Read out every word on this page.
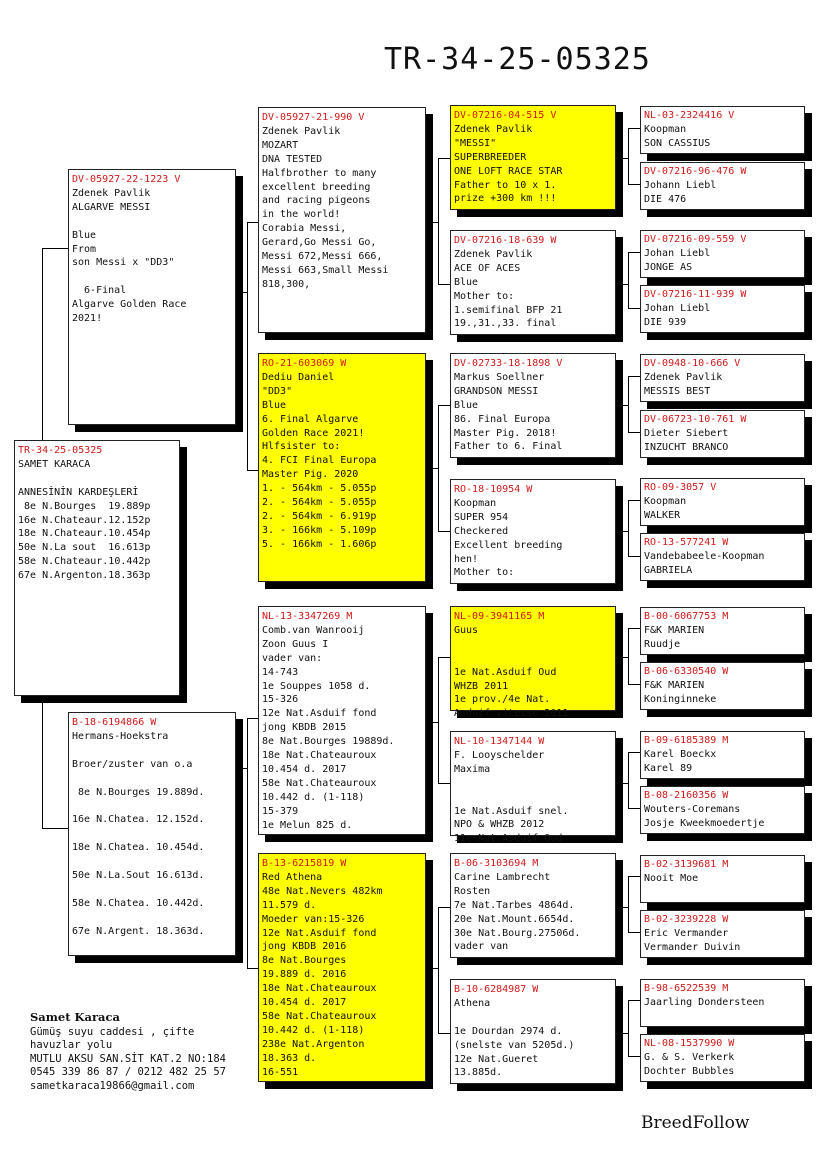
TR-34-25-05325
TR-34-25-05325
SAMET KARACA

ANNESİNİN KARDEŞLERİ
8e N.Bourges  19.889p
16e N.Chateaur.12.152p
18e N.Chateaur.10.454p
50e N.La sout  16.613p
58e N.Chateaur.10.442p
67e N.Argenton.18.363p
DV-05927-22-1223 V
Zdenek Pavlik
ALGARVE MESSI

Blue
From
son Messi x "DD3"

6-Final
Algarve Golden Race
2021!
B-18-6194866 W
Hermans-Hoekstra

Broer/zuster van o.a

8e N.Bourges 19.889d.

16e N.Chatea. 12.152d.

18e N.Chatea. 10.454d.

50e N.La.Sout 16.613d.

58e N.Chatea. 10.442d.

67e N.Argent. 18.363d.
DV-05927-21-990 V
Zdenek Pavlik
MOZART
DNA TESTED
Halfbrother to many
excellent breeding
and racing pigeons
in the world!
Corabia Messi,
Gerard,Go Messi Go,
Messi 672,Messi 666,
Messi 663,Small Messi
818,300,
RO-21-603069 W
Dediu Daniel
"DD3"
Blue
6. Final Algarve
Golden Race 2021!
Hlfsister to:
4. FCI Final Europa
Master Pig. 2020
1. - 564km - 5.055p
2. - 564km - 5.055p
2. - 564km - 6.919p
3. - 166km - 5.109p
5. - 166km - 1.606p
NL-13-3347269 M
Comb.van Wanrooij
Zoon Guus I
vader van:
14-743
1e Souppes 1058 d.
15-326
12e Nat.Asduif fond
jong KBDB 2015
8e Nat.Bourges 19889d.
18e Nat.Chateauroux
10.454 d. 2017
58e Nat.Chateauroux
10.442 d. (1-118)
15-379
1e Melun 825 d.
B-13-6215819 W
Red Athena
48e Nat.Nevers 482km
11.579 d.
Moeder van:15-326
12e Nat.Asduif fond
jong KBDB 2016
8e Nat.Bourges
19.889 d. 2016
18e Nat.Chateauroux
10.454 d. 2017
58e Nat.Chateauroux
10.442 d. (1-118)
238e Nat.Argenton
18.363 d.
16-551
DV-07216-04-515 V
Zdenek Pavlik
"MESSI"
SUPERBREEDER
ONE LOFT RACE STAR
Father to 10 x 1.
prize +300 km !!!
DV-07216-18-639 W
Zdenek Pavlik
ACE OF ACES
Blue
Mother to:
1.semifinal BFP 21
19.,31.,33. final
DV-02733-18-1898 V
Markus Soellner
GRANDSON MESSI
Blue
86. Final Europa
Master Pig. 2018!
Father to 6. Final
RO-18-10954 W
Koopman
SUPER 954
Checkered
Excellent breeding
hen!
Mother to:
NL-09-3941165 M
Guus

1e Nat.Asduif Oud
WHZB 2011
1e prov./4e Nat.
Asduif vitesse 2011
NL-10-1347144 W
F. Looyschelder
Maxima

1e Nat.Asduif snel.
NPO & WHZB 2012
11e Nat.Asduif Oud
B-06-3103694 M
Carine Lambrecht
Rosten
7e Nat.Tarbes 4864d.
20e Nat.Mount.6654d.
30e Nat.Bourg.27506d.
vader van
B-10-6284987 W
Athena

1e Dourdan 2974 d.
(snelste van 5205d.)
12e Nat.Gueret
13.885d.
NL-03-2324416 V
Koopman
SON CASSIUS
DV-07216-96-476 W
Johann Liebl
DIE 476
DV-07216-09-559 V
Johan Liebl
JONGE AS
DV-07216-11-939 W
Johan Liebl
DIE 939
DV-0948-10-666 V
Zdenek Pavlik
MESSIS BEST
DV-06723-10-761 W
Dieter Siebert
INZUCHT BRANCO
RO-09-3057 V
Koopman
WALKER
RO-13-577241 W
Vandebabeele-Koopman
GABRIELA
B-00-6067753 M
F&K MARIEN
Ruudje
B-06-6330540 W
F&K MARIEN
Koninginneke
B-09-6185389 M
Karel Boeckx
Karel 89
B-08-2160356 W
Wouters-Coremans
Josje Kweekmoedertje
B-02-3139681 M
Nooit Moe
B-02-3239228 W
Eric Vermander
Vermander Duivin
B-98-6522539 M
Jaarling Dondersteen
NL-08-1537990 W
G. & S. Verkerk
Dochter Bubbles
Samet Karaca
Gümüş suyu caddesi , çifte
havuzlar yolu
MUTLU AKSU SAN.SİT KAT.2 NO:184
0545 339 86 87 / 0212 482 25 57
sametkaraca19866@gmail.com
BreedFollow
